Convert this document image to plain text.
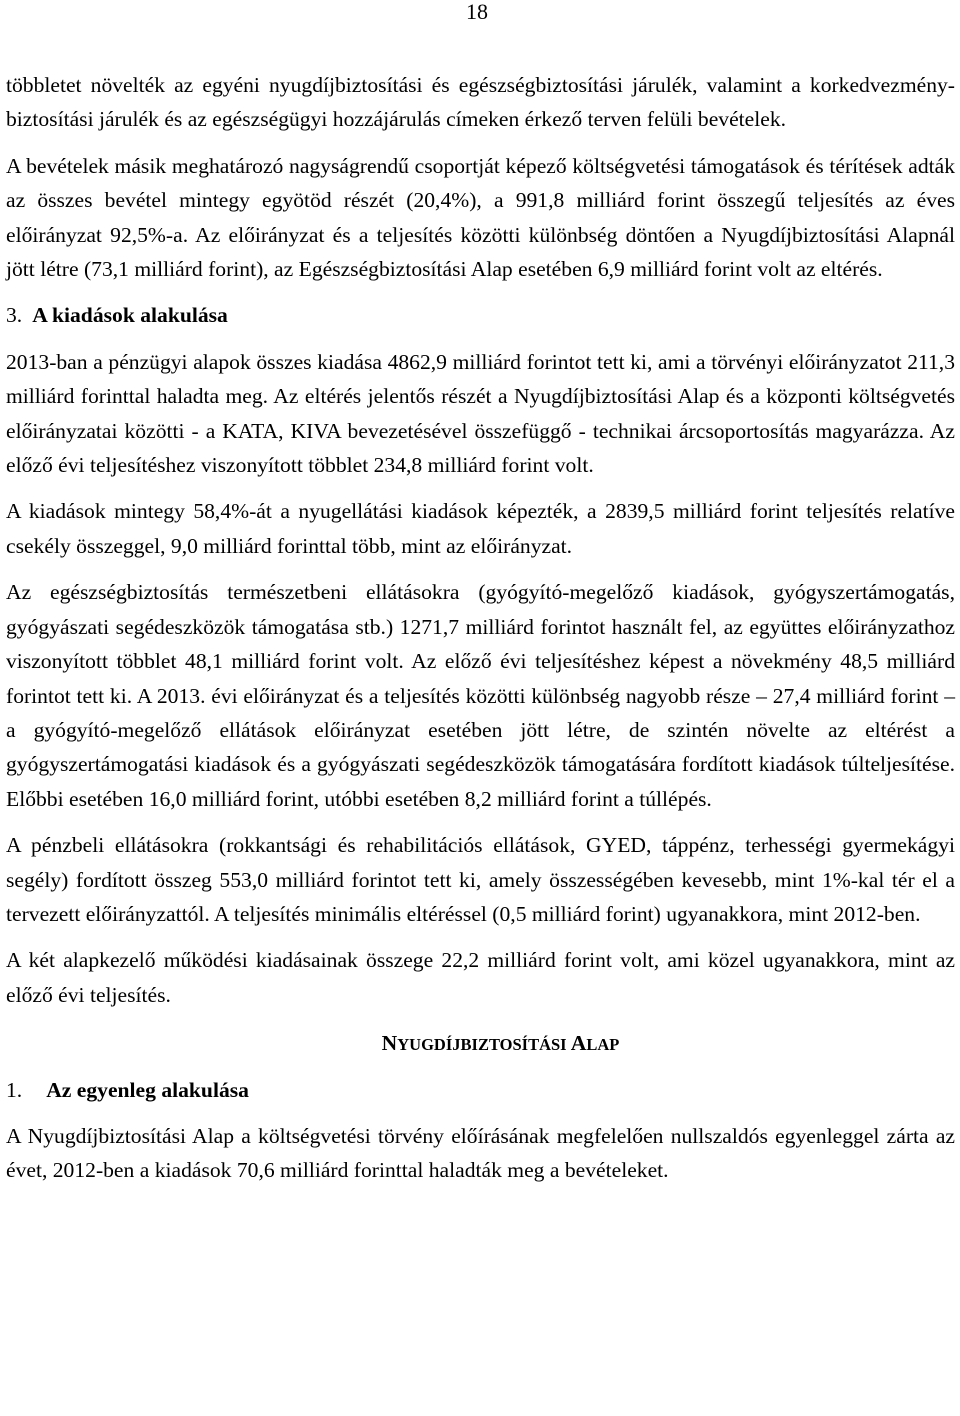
18

többletet növelték az egyéni nyugdíjbiztosítási és egészségbiztosítási járulék, valamint a korkedvezmény-biztosítási járulék és az egészségügyi hozzájárulás címeken érkező terven felüli bevételek.

A bevételek másik meghatározó nagyságrendű csoportját képező költségvetési támogatások és térítések adták az összes bevétel mintegy egyötöd részét (20,4%), a 991,8 milliárd forint összegű teljesítés az éves előirányzat 92,5%-a. Az előirányzat és a teljesítés közötti különbség döntően a Nyugdíjbiztosítási Alapnál jött létre (73,1 milliárd forint), az Egészségbiztosítási Alap esetében 6,9 milliárd forint volt az eltérés.

3. A kiadások alakulása

2013-ban a pénzügyi alapok összes kiadása 4862,9 milliárd forintot tett ki, ami a törvényi előirányzatot 211,3 milliárd forinttal haladta meg. Az eltérés jelentős részét a Nyugdíjbiztosítási Alap és a központi költségvetés előirányzatai közötti - a KATA, KIVA bevezetésével összefüggő - technikai árcsoportosítás magyarázza. Az előző évi teljesítéshez viszonyított többlet 234,8 milliárd forint volt.

A kiadások mintegy 58,4%-át a nyugellátási kiadások képezték, a 2839,5 milliárd forint teljesítés relatíve csekély összeggel, 9,0 milliárd forinttal több, mint az előirányzat.

Az egészségbiztosítás természetbeni ellátásokra (gyógyító-megelőző kiadások, gyógyszertámogatás, gyógyászati segédeszközök támogatása stb.) 1271,7 milliárd forintot használt fel, az együttes előirányzathoz viszonyított többlet 48,1 milliárd forint volt. Az előző évi teljesítéshez képest a növekmény 48,5 milliárd forintot tett ki. A 2013. évi előirányzat és a teljesítés közötti különbség nagyobb része – 27,4 milliárd forint – a gyógyító-megelőző ellátások előirányzat esetében jött létre, de szintén növelte az eltérést a gyógyszertámogatási kiadások és a gyógyászati segédeszközök támogatására fordított kiadások túlteljesítése. Előbbi esetében 16,0 milliárd forint, utóbbi esetében 8,2 milliárd forint a túllépés.

A pénzbeli ellátásokra (rokkantsági és rehabilitációs ellátások, GYED, táppénz, terhességi gyermekágyi segély) fordított összeg 553,0 milliárd forintot tett ki, amely összességében kevesebb, mint 1%-kal tér el a tervezett előirányzattól. A teljesítés minimális eltéréssel (0,5 milliárd forint) ugyanakkora, mint 2012-ben.

A két alapkezelő működési kiadásainak összege 22,2 milliárd forint volt, ami közel ugyanakkora, mint az előző évi teljesítés.

NYUGDÍJBIZTOSÍTÁSI ALAP
1. Az egyenleg alakulása

A Nyugdíjbiztosítási Alap a költségvetési törvény előírásának megfelelően nullszaldós egyenleggel zárta az évet, 2012-ben a kiadások 70,6 milliárd forinttal haladták meg a bevételeket.
